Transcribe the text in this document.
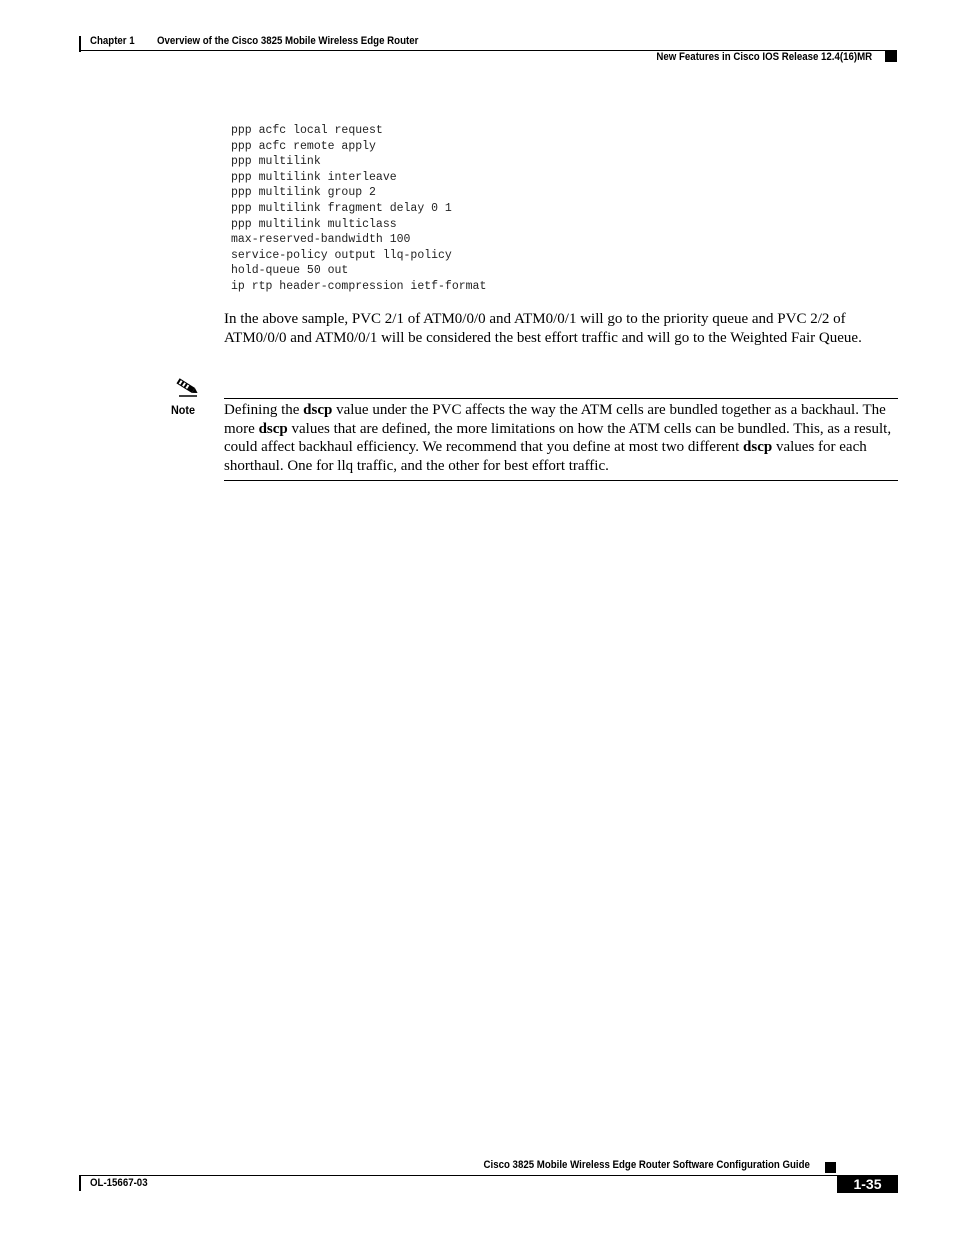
Chapter 1 Overview of the Cisco 3825 Mobile Wireless Edge Router
New Features in Cisco IOS Release 12.4(16)MR
ppp acfc local request
ppp acfc remote apply
ppp multilink
ppp multilink interleave
ppp multilink group 2
ppp multilink fragment delay 0 1
ppp multilink multiclass
max-reserved-bandwidth 100
service-policy output llq-policy
hold-queue 50 out
ip rtp header-compression ietf-format
In the above sample, PVC 2/1 of ATM0/0/0 and ATM0/0/1 will go to the priority queue and PVC 2/2 of ATM0/0/0 and ATM0/0/1 will be considered the best effort traffic and will go to the Weighted Fair Queue.
Note Defining the dscp value under the PVC affects the way the ATM cells are bundled together as a backhaul. The more dscp values that are defined, the more limitations on how the ATM cells can be bundled. This, as a result, could affect backhaul efficiency. We recommend that you define at most two different dscp values for each shorthaul. One for llq traffic, and the other for best effort traffic.
Cisco 3825 Mobile Wireless Edge Router Software Configuration Guide
OL-15667-03	1-35
